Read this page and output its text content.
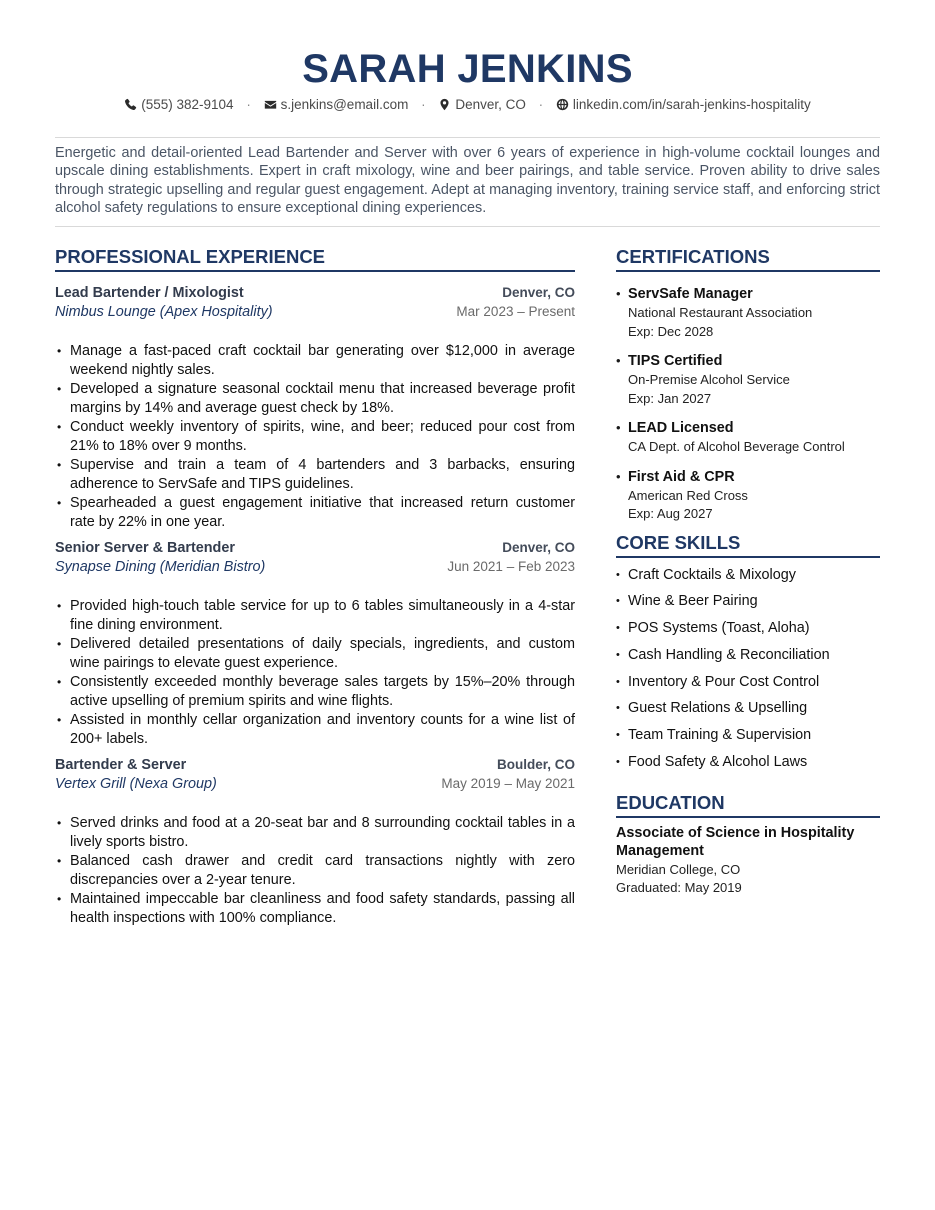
SARAH JENKINS
(555) 382-9104 · s.jenkins@email.com · Denver, CO · linkedin.com/in/sarah-jenkins-hospitality
Energetic and detail-oriented Lead Bartender and Server with over 6 years of experience in high-volume cocktail lounges and upscale dining establishments. Expert in craft mixology, wine and beer pairings, and table service. Proven ability to drive sales through strategic upselling and regular guest engagement. Adept at managing inventory, training service staff, and enforcing strict alcohol safety regulations to ensure exceptional dining experiences.
PROFESSIONAL EXPERIENCE
Lead Bartender / Mixologist	Denver, CO
Nimbus Lounge (Apex Hospitality)	Mar 2023 – Present
• Manage a fast-paced craft cocktail bar generating over $12,000 in average weekend nightly sales.
• Developed a signature seasonal cocktail menu that increased beverage profit margins by 14% and average guest check by 18%.
• Conduct weekly inventory of spirits, wine, and beer; reduced pour cost from 21% to 18% over 9 months.
• Supervise and train a team of 4 bartenders and 3 barbacks, ensuring adherence to ServSafe and TIPS guidelines.
• Spearheaded a guest engagement initiative that increased return customer rate by 22% in one year.
Senior Server & Bartender	Denver, CO
Synapse Dining (Meridian Bistro)	Jun 2021 – Feb 2023
• Provided high-touch table service for up to 6 tables simultaneously in a 4-star fine dining environment.
• Delivered detailed presentations of daily specials, ingredients, and custom wine pairings to elevate guest experience.
• Consistently exceeded monthly beverage sales targets by 15%–20% through active upselling of premium spirits and wine flights.
• Assisted in monthly cellar organization and inventory counts for a wine list of 200+ labels.
Bartender & Server	Boulder, CO
Vertex Grill (Nexa Group)	May 2019 – May 2021
• Served drinks and food at a 20-seat bar and 8 surrounding cocktail tables in a lively sports bistro.
• Balanced cash drawer and credit card transactions nightly with zero discrepancies over a 2-year tenure.
• Maintained impeccable bar cleanliness and food safety standards, passing all health inspections with 100% compliance.
CERTIFICATIONS
• ServSafe Manager
National Restaurant Association
Exp: Dec 2028
• TIPS Certified
On-Premise Alcohol Service
Exp: Jan 2027
• LEAD Licensed
CA Dept. of Alcohol Beverage Control
• First Aid & CPR
American Red Cross
Exp: Aug 2027
CORE SKILLS
• Craft Cocktails & Mixology
• Wine & Beer Pairing
• POS Systems (Toast, Aloha)
• Cash Handling & Reconciliation
• Inventory & Pour Cost Control
• Guest Relations & Upselling
• Team Training & Supervision
• Food Safety & Alcohol Laws
EDUCATION
Associate of Science in Hospitality Management
Meridian College, CO
Graduated: May 2019
